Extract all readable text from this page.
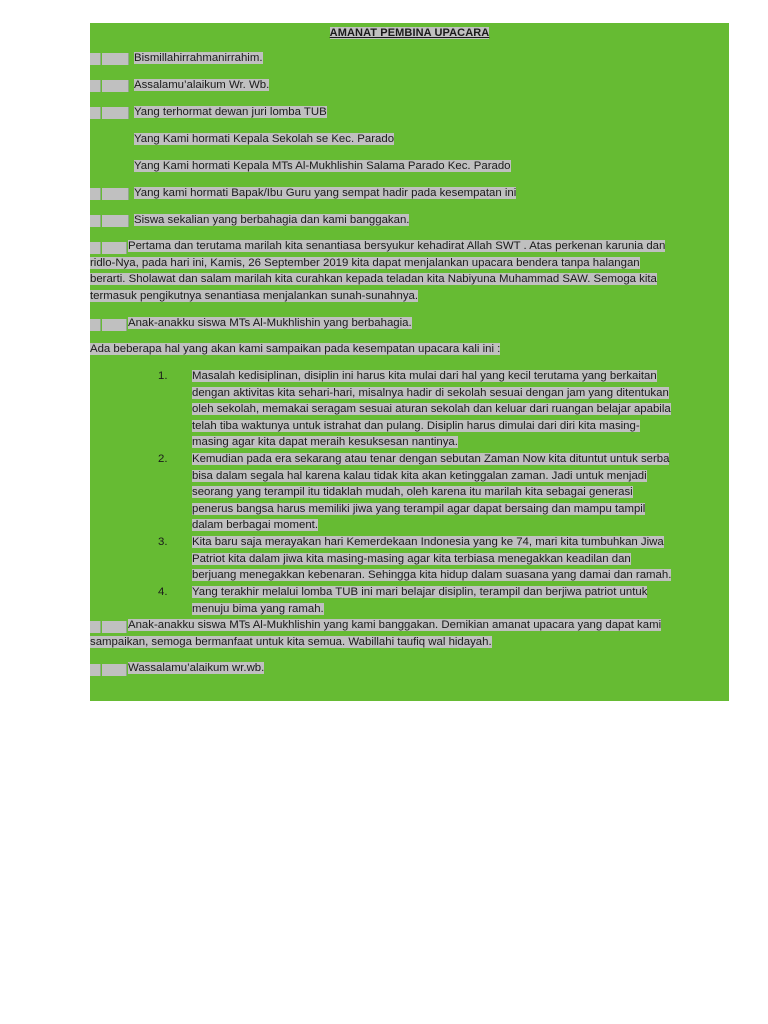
AMANAT PEMBINA UPACARA
Bismillahirrahmanirrahim.
Assalamu’alaikum Wr. Wb.
Yang terhormat dewan juri lomba TUB
Yang Kami hormati Kepala Sekolah se Kec. Parado
Yang Kami hormati Kepala MTs Al-Mukhlishin Salama Parado Kec. Parado
Yang kami hormati Bapak/Ibu Guru yang sempat hadir pada kesempatan ini
Siswa sekalian yang berbahagia dan kami banggakan.
Pertama dan terutama marilah kita senantiasa bersyukur kehadirat Allah SWT . Atas perkenan karunia dan
ridlo-Nya, pada hari ini, Kamis, 26 September 2019 kita dapat menjalankan upacara bendera tanpa halangan
berarti. Sholawat dan salam marilah kita curahkan kepada teladan kita Nabiyuna Muhammad SAW. Semoga kita
termasuk pengikutnya senantiasa menjalankan sunah-sunahnya.
Anak-anakku siswa MTs Al-Mukhlishin yang berbahagia.
Ada beberapa hal yang akan kami sampaikan pada kesempatan upacara kali ini :
1. Masalah kedisiplinan, disiplin ini harus kita mulai dari hal yang kecil terutama yang berkaitan
dengan aktivitas kita sehari-hari, misalnya hadir di sekolah sesuai dengan jam yang ditentukan
oleh sekolah, memakai seragam sesuai aturan sekolah dan keluar dari ruangan belajar apabila
telah tiba waktunya untuk istrahat dan pulang. Disiplin harus dimulai dari diri kita masing-
masing agar kita dapat meraih kesuksesan nantinya.
2. Kemudian pada era sekarang atau tenar dengan sebutan Zaman Now kita dituntut untuk serba
bisa dalam segala hal karena kalau tidak kita akan ketinggalan zaman. Jadi untuk menjadi
seorang yang terampil itu tidaklah mudah, oleh karena itu marilah kita sebagai generasi
penerus bangsa harus memiliki jiwa yang terampil agar dapat bersaing dan mampu tampil
dalam berbagai moment.
3. Kita baru saja merayakan hari Kemerdekaan Indonesia yang ke 74, mari kita tumbuhkan Jiwa
Patriot kita dalam jiwa kita masing-masing agar kita terbiasa menegakkan keadilan dan
berjuang menegakkan kebenaran. Sehingga kita hidup dalam suasana yang damai dan ramah.
4. Yang terakhir melalui lomba TUB ini mari belajar disiplin, terampil dan berjiwa patriot untuk
menuju bima yang ramah.
Anak-anakku siswa MTs Al-Mukhlishin yang kami banggakan. Demikian amanat upacara yang dapat kami
sampaikan, semoga bermanfaat untuk kita semua. Wabillahi taufiq wal hidayah.
Wassalamu’alaikum wr.wb.
